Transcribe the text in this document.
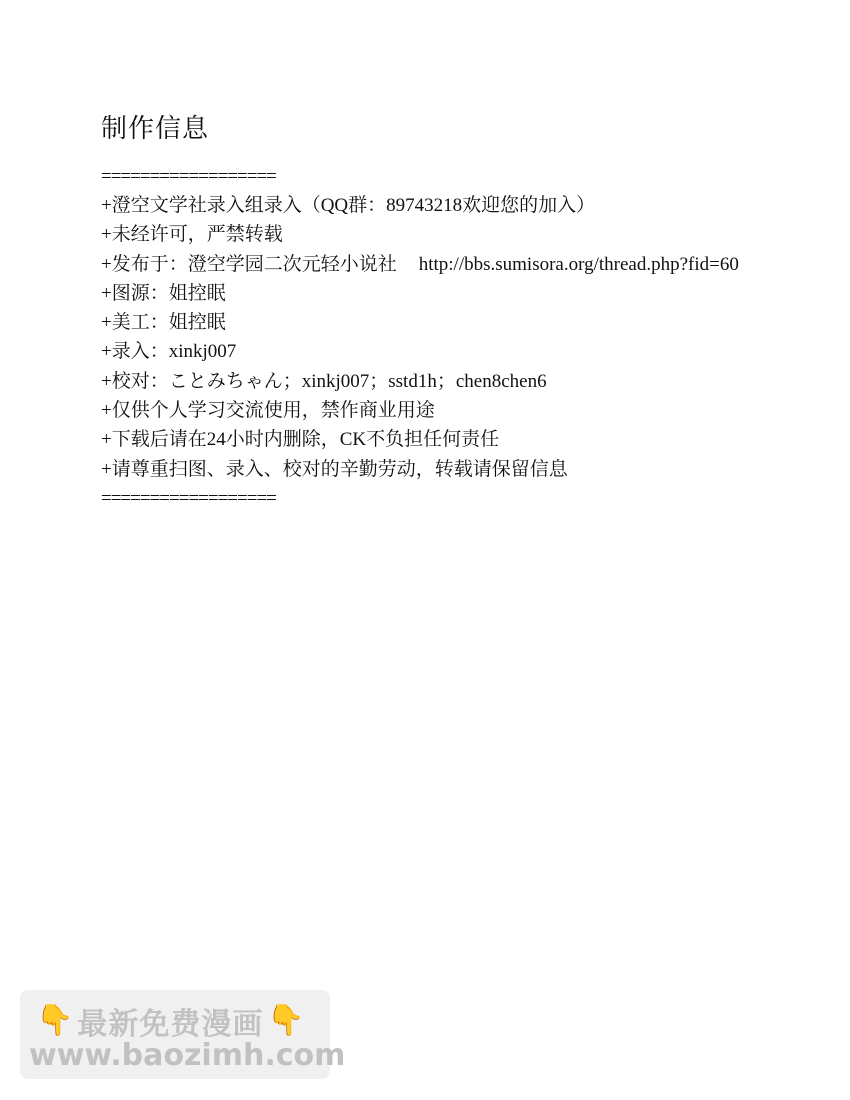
制作信息

==================

+澄空文学社录入组录入（QQ群：89743218欢迎您的加入）

+未经许可，严禁转载

+发布于：澄空学园二次元轻小说社 http://bbs.sumisora.org/thread.php?fid=60

+图源：姐控眠

+美工：姐控眠

+录入：xinkj007

+校对：ことみちゃん；xinkj007；sstd1h；chen8chen6

+仅供个人学习交流使用，禁作商业用途

+下载后请在24小时内删除，CK不负担任何责任

+请尊重扫图、录入、校对的辛勤劳动，转载请保留信息

==================

👇 最新免费漫画 👇
www.baozimh.com
